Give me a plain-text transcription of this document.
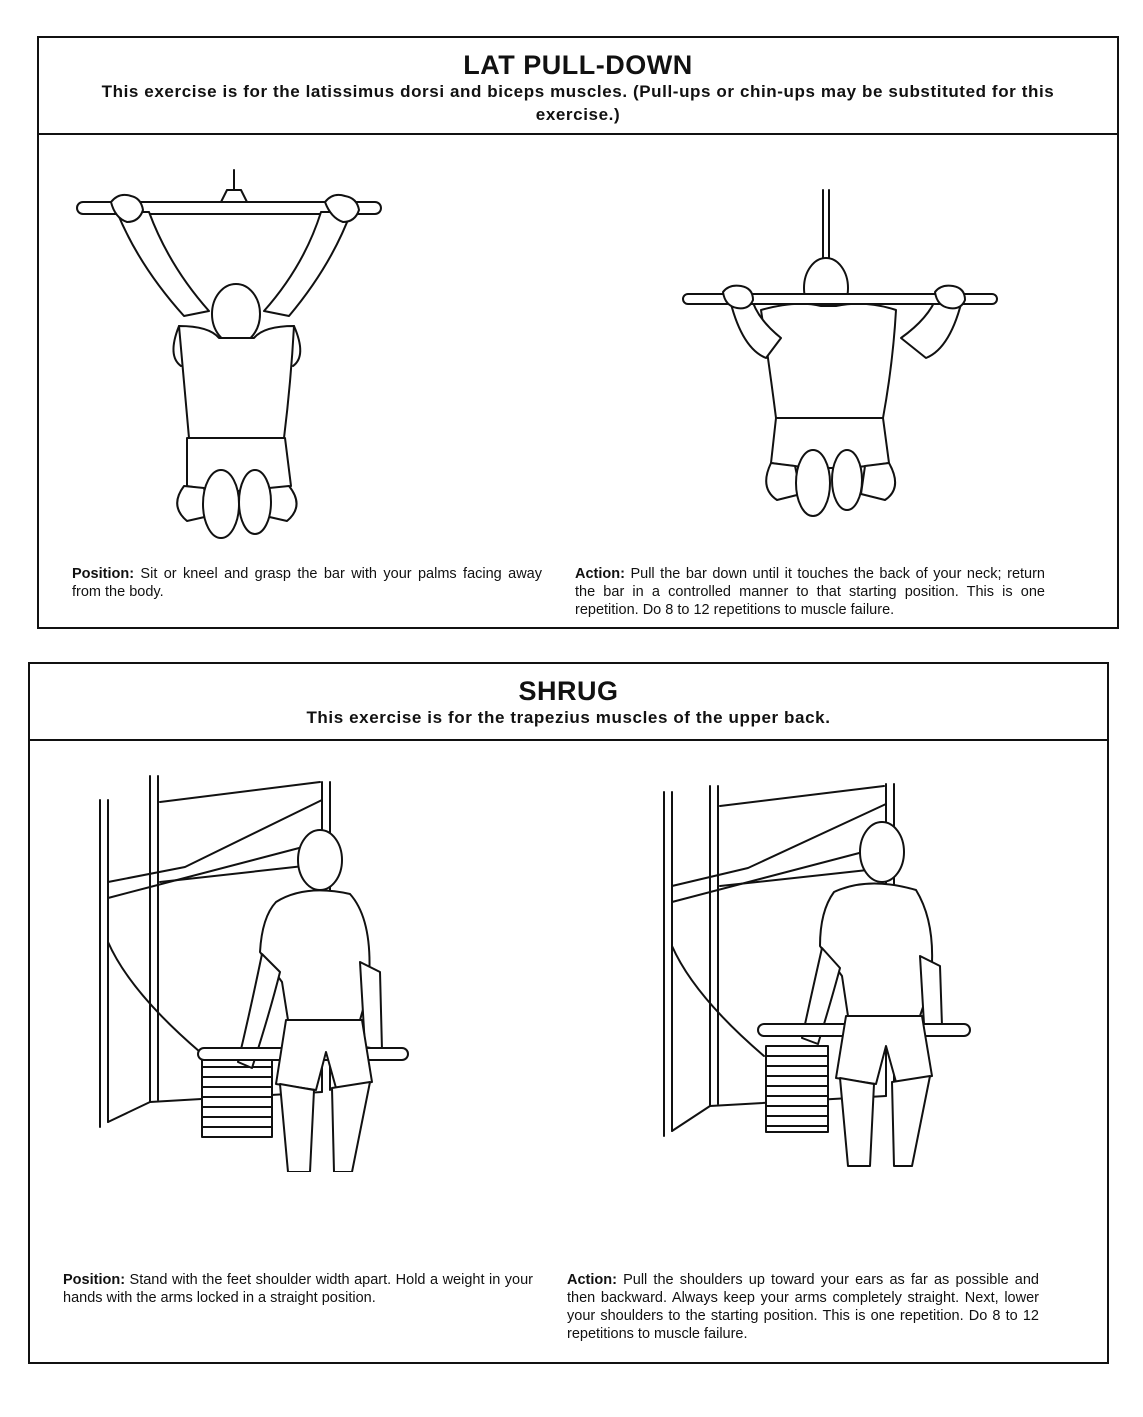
LAT PULL-DOWN
This exercise is for the latissimus dorsi and biceps muscles. (Pull-ups or chin-ups may be substituted for this exercise.)
Position: Sit or kneel and grasp the bar with your palms facing away from the body.
Action: Pull the bar down until it touches the back of your neck; return the bar in a controlled manner to that starting position. This is one repetition. Do 8 to 12 repetitions to muscle failure.
SHRUG
This exercise is for the trapezius muscles of the upper back.
Position: Stand with the feet shoulder width apart. Hold a weight in your hands with the arms locked in a straight position.
Action: Pull the shoulders up toward your ears as far as possible and then backward. Always keep your arms completely straight. Next, lower your shoulders to the starting position. This is one repetition. Do 8 to 12 repetitions to muscle failure.
